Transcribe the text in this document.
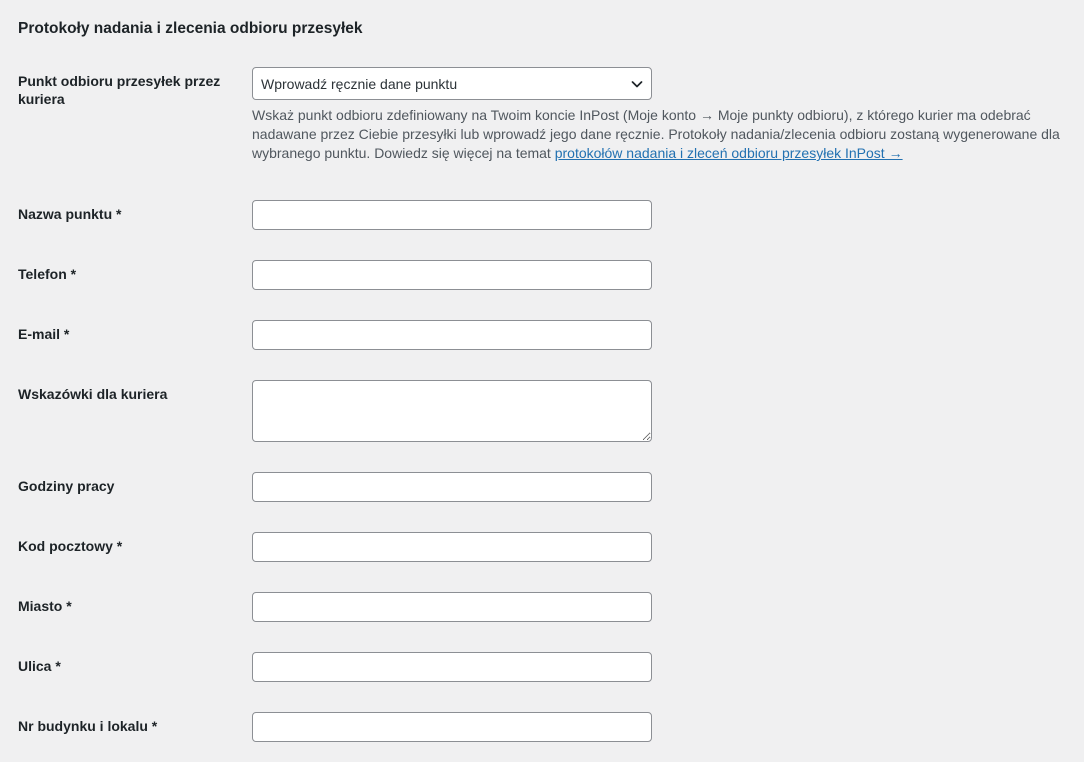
Protokoły nadania i zlecenia odbioru przesyłek
Punkt odbioru przesyłek przez kuriera
Wprowadź ręcznie dane punktu
Wskaż punkt odbioru zdefiniowany na Twoim koncie InPost (Moje konto → Moje punkty odbioru), z którego kurier ma odebrać nadawane przez Ciebie przesyłki lub wprowadź jego dane ręcznie. Protokoły nadania/zlecenia odbioru zostaną wygenerowane dla wybranego punktu. Dowiedz się więcej na temat protokołów nadania i zleceń odbioru przesyłek InPost →
Nazwa punktu *
Telefon *
E-mail *
Wskazówki dla kuriera
Godziny pracy
Kod pocztowy *
Miasto *
Ulica *
Nr budynku i lokalu *
